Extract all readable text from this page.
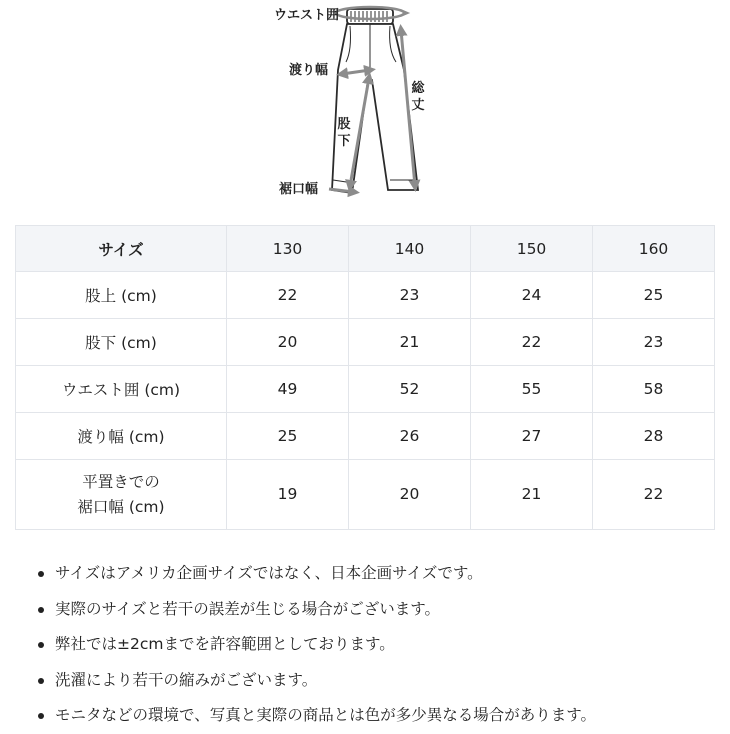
ウエスト囲
渡り幅
総丈
股下
裾口幅
サイズ	130	140	150	160
股上 (cm)	22	23	24	25
股下 (cm)	20	21	22	23
ウエスト囲 (cm)	49	52	55	58
渡り幅 (cm)	25	26	27	28
平置きでの
裾口幅 (cm)	19	20	21	22
サイズはアメリカ企画サイズではなく、日本企画サイズです。
実際のサイズと若干の誤差が生じる場合がございます。
弊社では±2cmまでを許容範囲としております。
洗濯により若干の縮みがございます。
モニタなどの環境で、写真と実際の商品とは色が多少異なる場合があります。
